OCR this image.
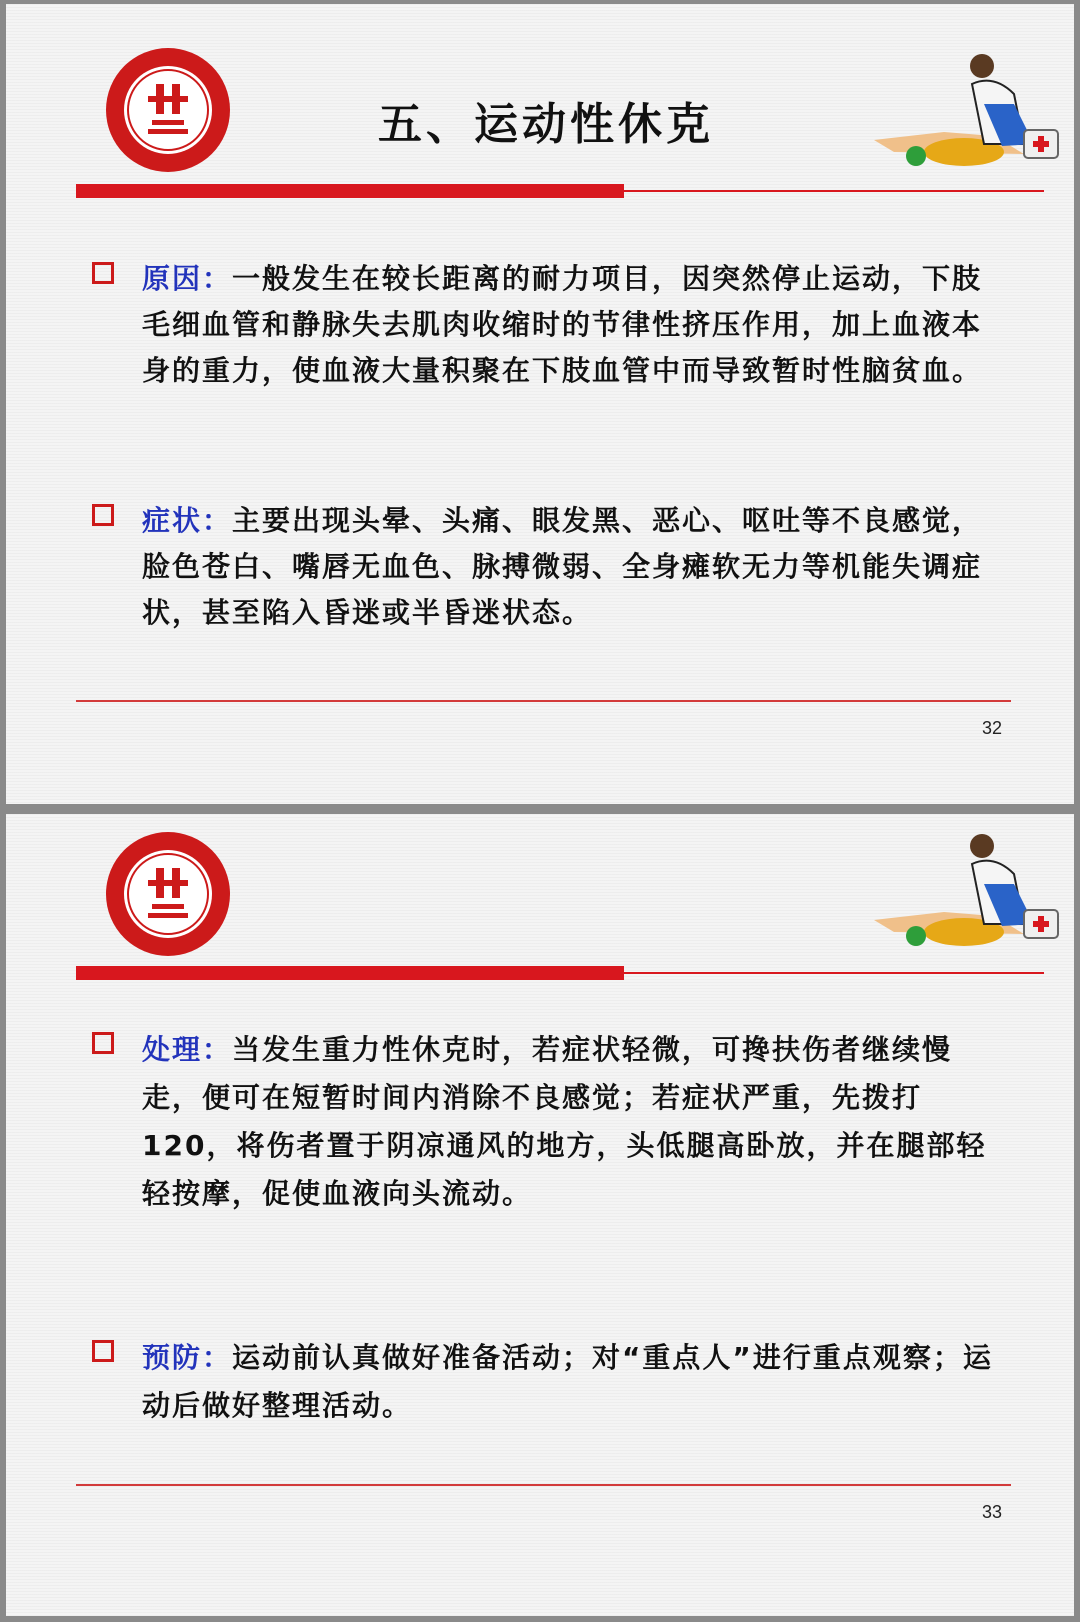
五、运动性休克
原因：一般发生在较长距离的耐力项目，因突然停止运动，下肢毛细血管和静脉失去肌肉收缩时的节律性挤压作用，加上血液本身的重力，使血液大量积聚在下肢血管中而导致暂时性脑贫血。
症状：主要出现头晕、头痛、眼发黑、恶心、呕吐等不良感觉，脸色苍白、嘴唇无血色、脉搏微弱、全身瘫软无力等机能失调症状，甚至陷入昏迷或半昏迷状态。
32
处理：当发生重力性休克时，若症状轻微，可搀扶伤者继续慢走，便可在短暂时间内消除不良感觉；若症状严重，先拨打120，将伤者置于阴凉通风的地方，头低腿高卧放，并在腿部轻轻按摩，促使血液向头流动。
预防：运动前认真做好准备活动；对“重点人”进行重点观察；运动后做好整理活动。
33
